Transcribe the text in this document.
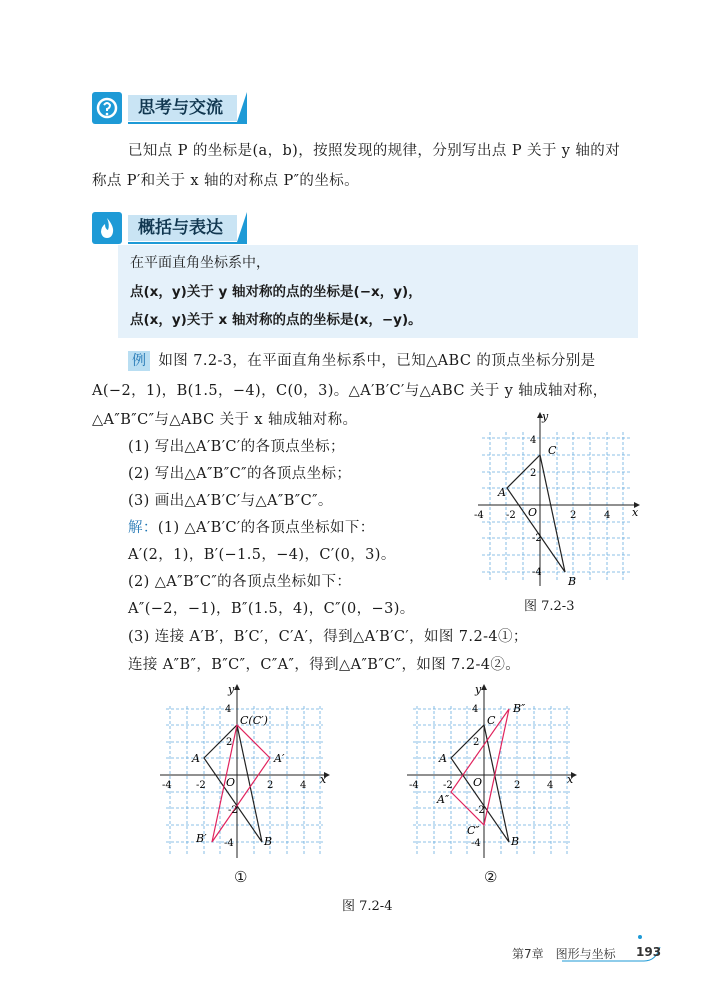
思考与交流
已知点 P 的坐标是(a，b)，按照发现的规律，分别写出点 P 关于 y 轴的对
称点 P′和关于 x 轴的对称点 P″的坐标。
概括与表达
在平面直角坐标系中，
点(x，y)关于 y 轴对称的点的坐标是(−x，y)，
点(x，y)关于 x 轴对称的点的坐标是(x，−y)。
例 如图 7.2-3，在平面直角坐标系中，已知△ABC 的顶点坐标分别是
A(−2，1)，B(1.5，−4)，C(0，3)。△A′B′C′与△ABC 关于 y 轴成轴对称，
△A″B″C″与△ABC 关于 x 轴成轴对称。
(1) 写出△A′B′C′的各顶点坐标；
(2) 写出△A″B″C″的各顶点坐标；
(3) 画出△A′B′C′与△A″B″C″。
解：(1) △A′B′C′的各顶点坐标如下：
A′(2，1)，B′(−1.5，−4)，C′(0，3)。
(2) △A″B″C″的各顶点坐标如下：
A″(−2，−1)，B″(1.5，4)，C″(0，−3)。
(3) 连接 A′B′，B′C′，C′A′，得到△A′B′C′，如图 7.2-4①；
连接 A″B″，B″C″，C″A″，得到△A″B″C″，如图 7.2-4②。
x
y
O
-4 -2	2	4
4
2
-2
-4
A
B
C
图 7.2-3
x
y
O
-4 -2	2	4
4
2
-2
-4
A
B
C(C′)
A′
B′
①
x
y
O
-4 -2	2	4
4
2
-2
-4
A
B
C
A″
B″
C″
②
图 7.2-4
第7章　图形与坐标 193
